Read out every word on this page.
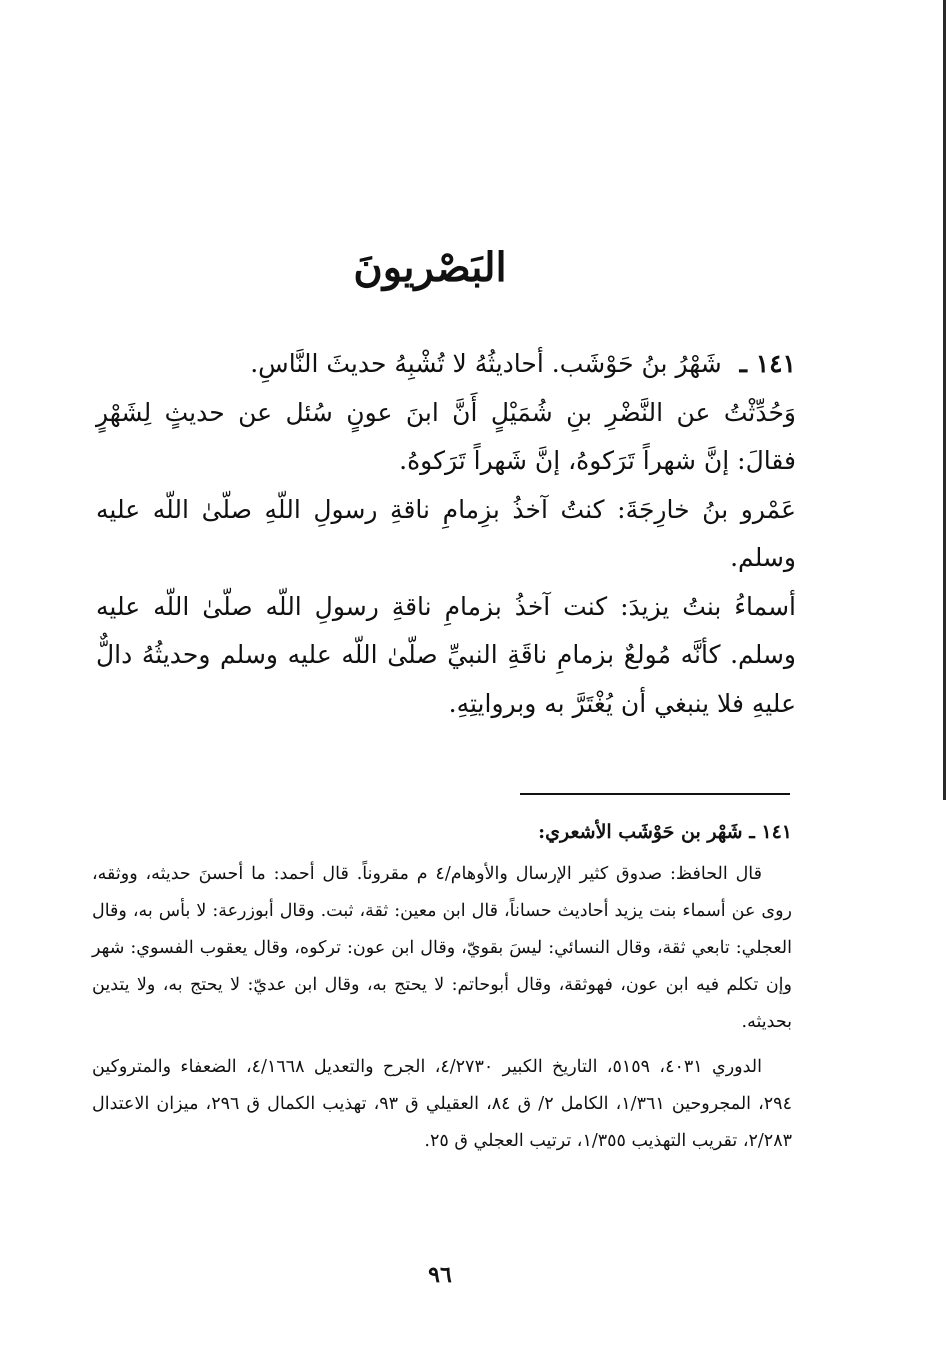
البَصْريونَ

١٤١ ـ شَهْرُ بنُ حَوْشَب. أحاديثُهُ لا تُشْبِهُ حديثَ النَّاسِ.

وَحُدِّثْتُ عن النَّضْرِ بنِ شُمَيْلٍ أَنَّ ابنَ عونٍ سُئل عن حديثٍ لِشَهْرٍ فقالَ: إنَّ شهراً تَرَكوهُ، إنَّ شَهراً تَرَكوهُ.

عَمْرو بنُ خارِجَةَ: كنتُ آخذُ بزِمامِ ناقةِ رسولِ اللّهِ صلّىٰ اللّه عليه وسلم.

أسماءُ بنتُ يزيدَ: كنت آخذُ بزمامِ ناقةِ رسولِ اللّه صلّىٰ اللّه عليه وسلم. كأنَّه مُولعٌ بزمامِ ناقَةِ النبيِّ صلّىٰ اللّه عليه وسلم وحديثُهُ دالٌّ عليهِ فلا ينبغي أن يُغْتَرَّ به وبروايتِهِ.

١٤١ ـ شَهْر بن حَوْشَب الأشعري:

قال الحافظ: صدوق كثير الإرسال والأوهام/٤ م مقروناً. قال أحمد: ما أحسنَ حديثه، ووثقه، روى عن أسماء بنت يزيد أحاديث حساناً، قال ابن معين: ثقة، ثبت. وقال أبوزرعة: لا بأس به، وقال العجلي: تابعي ثقة، وقال النسائي: ليسَ بقويّ، وقال ابن عون: تركوه، وقال يعقوب الفسوي: شهر وإن تكلم فيه ابن عون، فهوثقة، وقال أبوحاتم: لا يحتج به، وقال ابن عديّ: لا يحتج به، ولا يتدين بحديثه.

الدوري ٤٠٣١، ٥١٥٩، التاريخ الكبير ٤/٢٧٣٠، الجرح والتعديل ٤/١٦٦٨، الضعفاء والمتروكين ٢٩٤، المجروحين ١/٣٦١، الكامل ٢/ ق ٨٤، العقيلي ق ٩٣، تهذيب الكمال ق ٢٩٦، ميزان الاعتدال ٢/٢٨٣، تقريب التهذيب ١/٣٥٥، ترتيب العجلي ق ٢٥.

٩٦
